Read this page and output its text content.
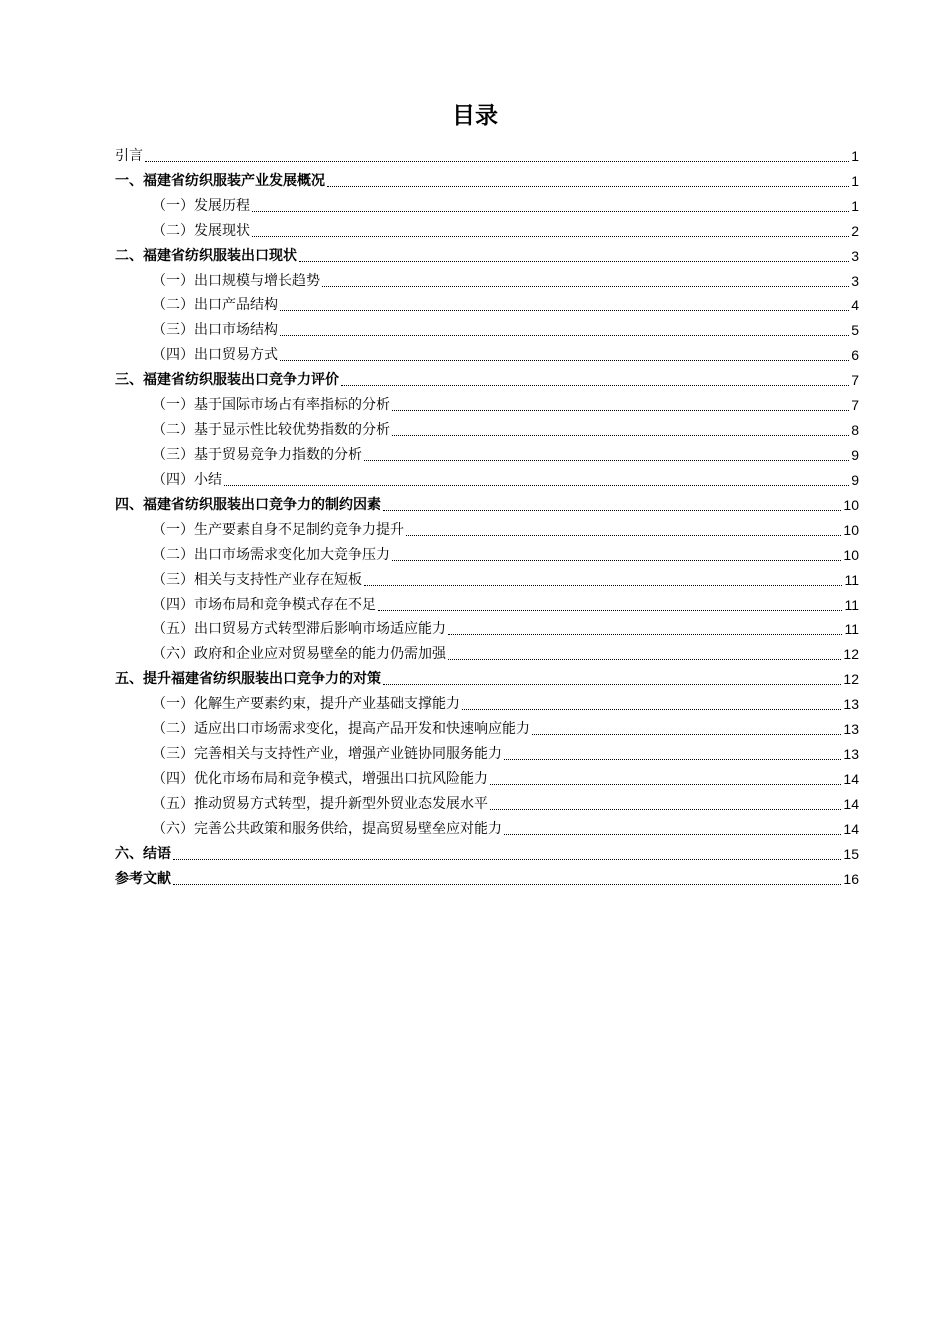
目录
引言	1
一、福建省纺织服装产业发展概况	1
（一）发展历程	1
（二）发展现状	2
二、福建省纺织服装出口现状	3
（一）出口规模与增长趋势	3
（二）出口产品结构	4
（三）出口市场结构	5
（四）出口贸易方式	6
三、福建省纺织服装出口竞争力评价	7
（一）基于国际市场占有率指标的分析	7
（二）基于显示性比较优势指数的分析	8
（三）基于贸易竞争力指数的分析	9
（四）小结	9
四、福建省纺织服装出口竞争力的制约因素	10
（一）生产要素自身不足制约竞争力提升	10
（二）出口市场需求变化加大竞争压力	10
（三）相关与支持性产业存在短板	11
（四）市场布局和竞争模式存在不足	11
（五）出口贸易方式转型滞后影响市场适应能力	11
（六）政府和企业应对贸易壁垒的能力仍需加强	12
五、提升福建省纺织服装出口竞争力的对策	12
（一）化解生产要素约束，提升产业基础支撑能力	13
（二）适应出口市场需求变化，提高产品开发和快速响应能力	13
（三）完善相关与支持性产业，增强产业链协同服务能力	13
（四）优化市场布局和竞争模式，增强出口抗风险能力	14
（五）推动贸易方式转型，提升新型外贸业态发展水平	14
（六）完善公共政策和服务供给，提高贸易壁垒应对能力	14
六、结语	15
参考文献	16
